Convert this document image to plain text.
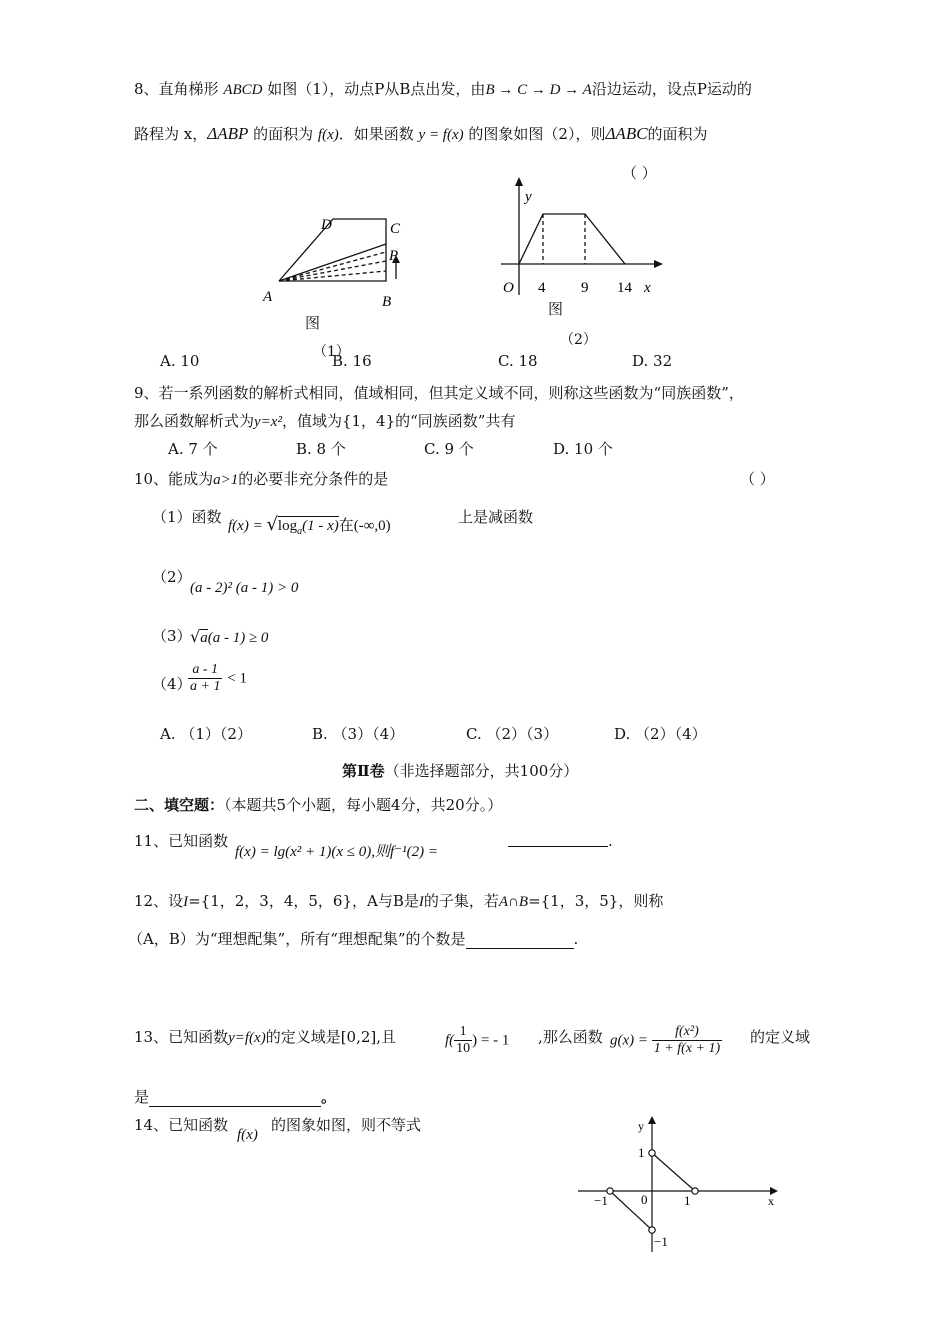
8、直角梯形 ABCD 如图（1），动点P从B点出发，由B → C → D → A沿边运动，设点P运动的
路程为 x，ΔABP 的面积为 f(x)．如果函数 y = f(x) 的图象如图（2），则ΔABC的面积为
（ ）
D	C
P
A	B
图
（1）
y
O 4 9 14 x
图
（2）
A. 10	B. 16	C. 18	D. 32
9、若一系列函数的解析式相同，值域相同，但其定义域不同，则称这些函数为“同族函数”，
那么函数解析式为y=x²，值域为{1，4}的“同族函数”共有
A. 7 个	B. 8 个	C. 9 个	D. 10 个
10、能成为a>1的必要非充分条件的是	（ ）
（1）函数 $f(x) = √\log_a(1 - x)$在(-∞,0)	上是减函数
（2）
(a - 2)² (a - 1) > 0
（3）
√a(a - 1) ≥ 0
（4）
$\frac{a - 1}{a + 1} < 1$
A. （1）（2）	B. （3）（4）	C. （2）（3）	D. （2）（4）
第Ⅱ卷（非选择题部分，共100分）
二、填空题：（本题共5个小题，每小题4分，共20分。）
11、已知函数
f(x) = lg(x² + 1)(x ≤ 0),则f⁻¹(2) =
.
12、设I={1，2，3，4，5，6}，A与B是I的子集，若A∩B={1，3，5}，则称
（A，B）为“理想配集”，所有“理想配集”的个数是	.
13、已知函数y=f(x)的定义域是[0,2],且	$f( \frac{1}{10}$ ) = - 1 ,那么函数 $g(x) = \frac{\text{f(x²)}}{1 + f(x + 1)}$ 的定义域
是	。
14、已知函数
f(x)
的图象如图，则不等式	y
x
1
−1
0
−1	1
